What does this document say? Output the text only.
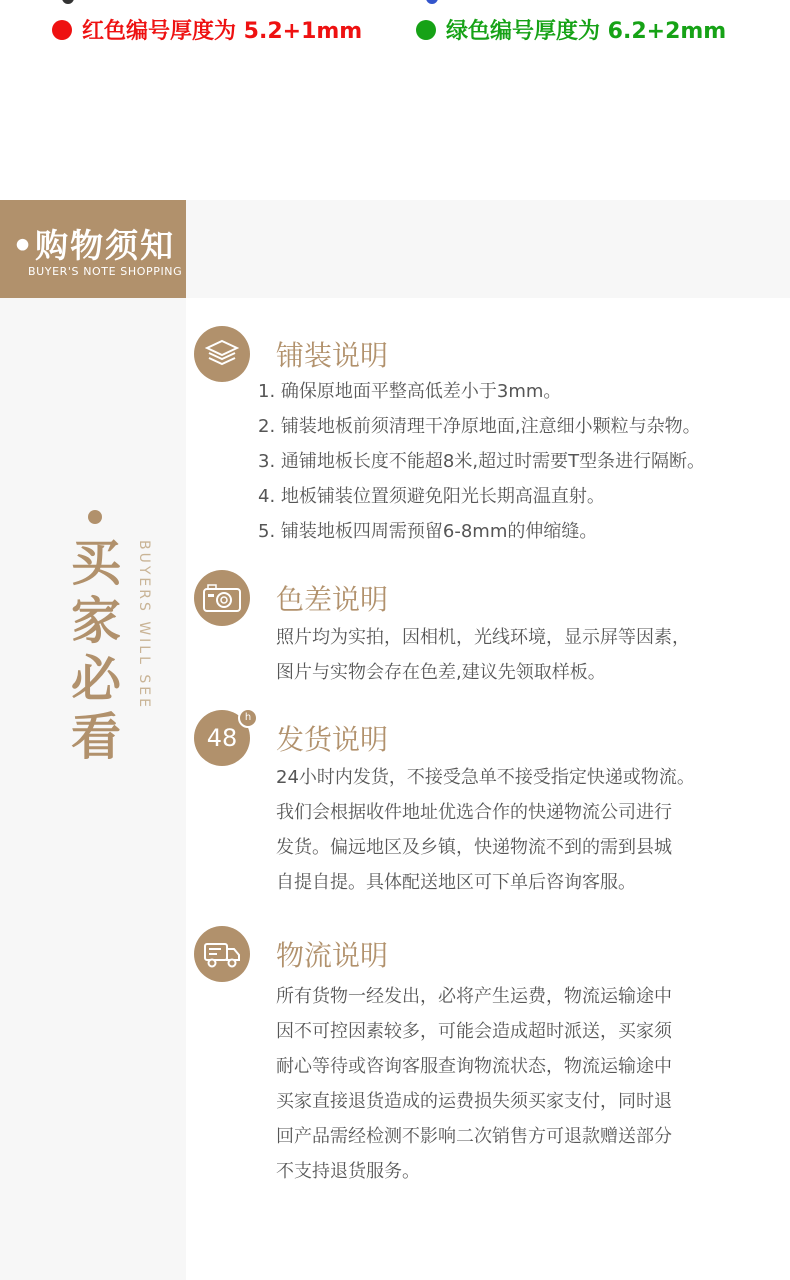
红色编号厚度为 5.2+1mm	绿色编号厚度为 6.2+2mm
•购物须知
BUYER'S NOTE SHOPPING
买
家
必
看
BUYERS WILL SEE
铺装说明
1. 确保原地面平整高低差小于3mm。
2. 铺装地板前须清理干净原地面,注意细小颗粒与杂物。
3. 通铺地板长度不能超8米,超过时需要T型条进行隔断。
4. 地板铺装位置须避免阳光长期高温直射。
5. 铺装地板四周需预留6-8mm的伸缩缝。
色差说明
照片均为实拍，因相机，光线环境，显示屏等因素，
图片与实物会存在色差,建议先领取样板。
48
h
发货说明
24小时内发货，不接受急单不接受指定快递或物流。
我们会根据收件地址优选合作的快递物流公司进行
发货。偏远地区及乡镇，快递物流不到的需到县城
自提自提。具体配送地区可下单后咨询客服。
物流说明
所有货物一经发出，必将产生运费，物流运输途中
因不可控因素较多，可能会造成超时派送，买家须
耐心等待或咨询客服查询物流状态，物流运输途中
买家直接退货造成的运费损失须买家支付，同时退
回产品需经检测不影响二次销售方可退款赠送部分
不支持退货服务。
